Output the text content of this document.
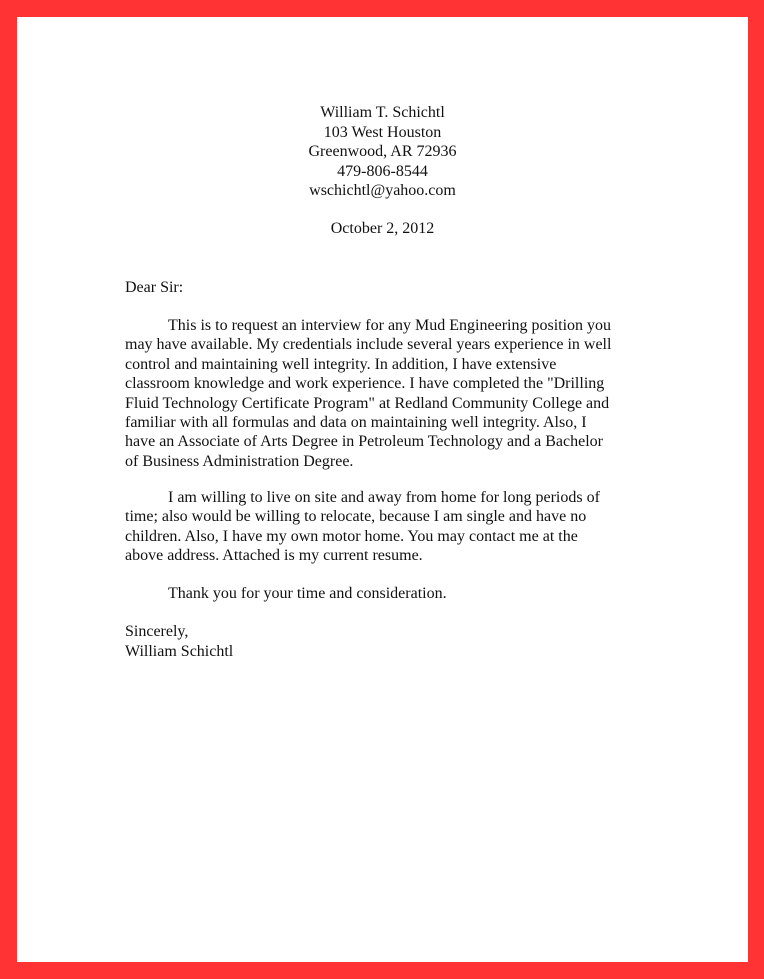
William T. Schichtl
103 West Houston
Greenwood, AR 72936
479-806-8544
wschichtl@yahoo.com
October 2, 2012
Dear Sir:
This is to request an interview for any Mud Engineering position you
may have available. My credentials include several years experience in well
control and maintaining well integrity. In addition, I have extensive
classroom knowledge and work experience. I have completed the "Drilling
Fluid Technology Certificate Program" at Redland Community College and
familiar with all formulas and data on maintaining well integrity. Also, I
have an Associate of Arts Degree in Petroleum Technology and a Bachelor
of Business Administration Degree.
I am willing to live on site and away from home for long periods of
time; also would be willing to relocate, because I am single and have no
children. Also, I have my own motor home. You may contact me at the
above address. Attached is my current resume.
Thank you for your time and consideration.
Sincerely,
William Schichtl
